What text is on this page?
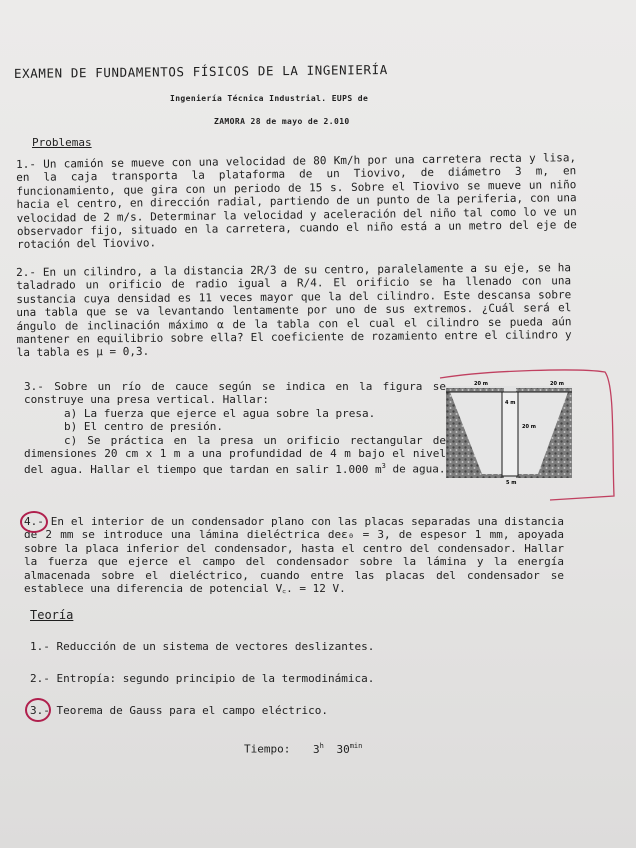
EXAMEN DE FUNDAMENTOS FÍSICOS DE LA INGENIERÍA
Ingeniería Técnica Industrial. EUPS de
ZAMORA 28 de mayo de 2.010
Problemas
1.- Un camión se mueve con una velocidad de 80 Km/h por una carretera recta y lisa, en la caja transporta la plataforma de un Tiovivo, de diámetro 3 m, en funcionamiento, que gira con un periodo de 15 s. Sobre el Tiovivo se mueve un niño hacia el centro, en dirección radial, partiendo de un punto de la periferia, con una velocidad de 2 m/s. Determinar la velocidad y aceleración del niño tal como lo ve un observador fijo, situado en la carretera, cuando el niño está a un metro del eje de rotación del Tiovivo.
2.- En un cilindro, a la distancia 2R/3 de su centro, paralelamente a su eje, se ha taladrado un orificio de radio igual a R/4. El orificio se ha llenado con una sustancia cuya densidad es 11 veces mayor que la del cilindro. Este descansa sobre una tabla que se va levantando lentamente por uno de sus extremos. ¿Cuál será el ángulo de inclinación máximo α de la tabla con el cual el cilindro se pueda aún mantener en equilibrio sobre ella? El coeficiente de rozamiento entre el cilindro y la tabla es μ = 0,3.
3.- Sobre un río de cauce según se indica en la figura se construye una presa vertical. Hallar:
a) La fuerza que ejerce el agua sobre la presa.
b) El centro de presión.
c) Se práctica en la presa un orificio rectangular de dimensiones 20 cm x 1 m a una profundidad de 4 m bajo el nivel del agua. Hallar el tiempo que tardan en salir 1.000 $m^3$ de agua.
20 m	20 m
4 m
20 m
5 m
4.- En el interior de un condensador plano con las placas separadas una distancia de 2 mm se introduce una lámina dieléctrica deε₀ = 3, de espesor 1 mm, apoyada sobre la placa inferior del condensador, hasta el centro del condensador. Hallar la fuerza que ejerce el campo del condensador sobre la lámina y la energía almacenada sobre el dieléctrico, cuando entre las placas del condensador se establece una diferencia de potencial V꜀. = 12 V.
Teoría
1.- Reducción de un sistema de vectores deslizantes.
2.- Entropía: segundo principio de la termodinámica.
3.- Teorema de Gauss para el campo eléctrico.
Tiempo: 3$^h$ $30^{min}$
